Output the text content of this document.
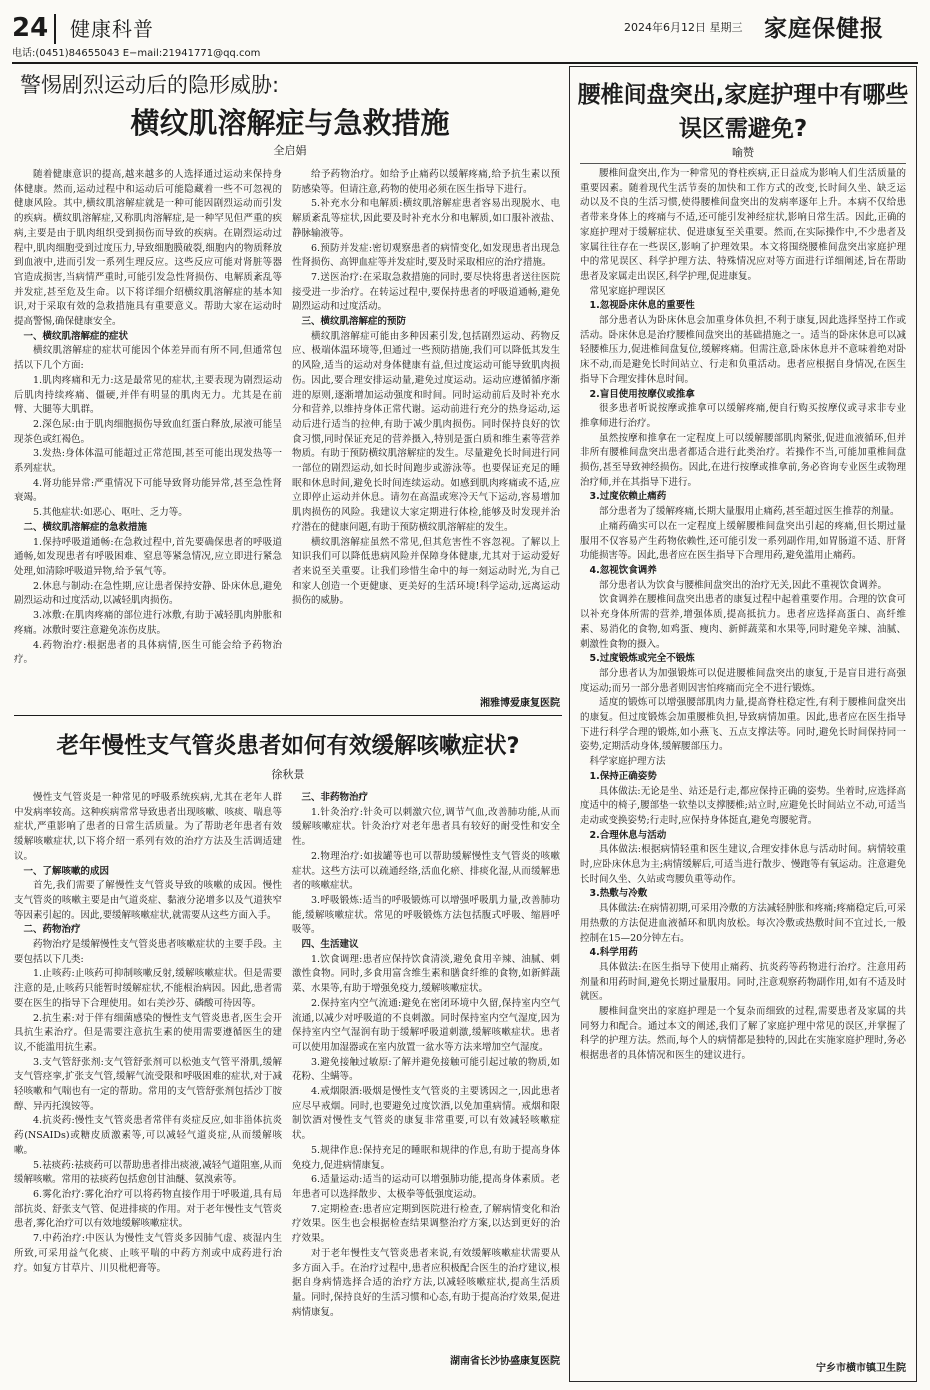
24 健康科普	2024年6月12日 星期三 家庭保健报
电话:(0451)84655043 E−mail:21941771@qq.com
警惕剧烈运动后的隐形威胁:
横纹肌溶解症与急救措施
全启娟

随着健康意识的提高,越来越多的人选择通过运动来保持身体健康。然而,运动过程中和运动后可能隐藏着一些不可忽视的健康风险。其中,横纹肌溶解症就是一种可能因剧烈运动而引发的疾病。横纹肌溶解症,又称肌肉溶解症,是一种罕见但严重的疾病,主要是由于肌肉组织受到损伤而导致的疾病。在剧烈运动过程中,肌肉细胞受到过度压力,导致细胞膜破裂,细胞内的物质释放到血液中,进而引发一系列生理反应。这些反应可能对肾脏等器官造成损害,当病情严重时,可能引发急性肾损伤、电解质紊乱等并发症,甚至危及生命。以下将详细介绍横纹肌溶解症的基本知识,对于采取有效的急救措施具有重要意义。帮助大家在运动时提高警惕,确保健康安全。

一、横纹肌溶解症的症状

横纹肌溶解症的症状可能因个体差异而有所不同,但通常包括以下几个方面:

1.肌肉疼痛和无力:这是最常见的症状,主要表现为剧烈运动后肌肉持续疼痛、僵硬,并伴有明显的肌肉无力。尤其是在前臂、大腿等大肌群。

2.深色尿:由于肌肉细胞损伤导致血红蛋白释放,尿液可能呈现茶色或红褐色。

3.发热:身体体温可能超过正常范围,甚至可能出现发热等一系列症状。

4.肾功能异常:严重情况下可能导致肾功能异常,甚至急性肾衰竭。

5.其他症状:如恶心、呕吐、乏力等。

二、横纹肌溶解症的急救措施

1.保持呼吸道通畅:在急救过程中,首先要确保患者的呼吸道通畅,如发现患者有呼吸困难、窒息等紧急情况,应立即进行紧急处理,如清除呼吸道异物,给予氧气等。

2.休息与制动:在急性期,应让患者保持安静、卧床休息,避免剧烈运动和过度活动,以减轻肌肉损伤。

3.冰敷:在肌肉疼痛的部位进行冰敷,有助于减轻肌肉肿胀和疼痛。冰敷时要注意避免冻伤皮肤。

4.药物治疗:根据患者的具体病情,医生可能会给予药物治疗。

给予药物治疗。如给予止痛药以缓解疼痛,给予抗生素以预防感染等。但请注意,药物的使用必须在医生指导下进行。

5.补充水分和电解质:横纹肌溶解症患者容易出现脱水、电解质紊乱等症状,因此要及时补充水分和电解质,如口服补液盐、静脉输液等。

6.预防并发症:密切观察患者的病情变化,如发现患者出现急性肾损伤、高钾血症等并发症时,要及时采取相应的治疗措施。

7.送医治疗:在采取急救措施的同时,要尽快将患者送往医院接受进一步治疗。在转运过程中,要保持患者的呼吸道通畅,避免剧烈运动和过度活动。

三、横纹肌溶解症的预防

横纹肌溶解症可能由多种因素引发,包括剧烈运动、药物反应、极端体温环境等,但通过一些预防措施,我们可以降低其发生的风险,适当的运动对身体健康有益,但过度运动可能导致肌肉损伤。因此,要合理安排运动量,避免过度运动。运动应遵循循序渐进的原则,逐渐增加运动强度和时间。同时运动前后及时补充水分和营养,以维持身体正常代谢。运动前进行充分的热身运动,运动后进行适当的拉伸,有助于减少肌肉损伤。同时保持良好的饮食习惯,同时保证充足的营养摄入,特别是蛋白质和维生素等营养物质。有助于预防横纹肌溶解症的发生。尽量避免长时间进行同一部位的剧烈运动,如长时间跑步或游泳等。也要保证充足的睡眠和休息时间,避免长时间连续运动。如感到肌肉疼痛或不适,应立即停止运动并休息。请勿在高温或寒冷天气下运动,容易增加肌肉损伤的风险。我建议大家定期进行体检,能够及时发现并治疗潜在的健康问题,有助于预防横纹肌溶解症的发生。

横纹肌溶解症虽然不常见,但其危害性不容忽视。了解以上知识我们可以降低患病风险并保障身体健康,尤其对于运动爱好者来说至关重要。让我们珍惜生命中的每一刻运动时光,为自己和家人创造一个更健康、更美好的生活环境!科学运动,远离运动损伤的威胁。

湘雅博爱康复医院
老年慢性支气管炎患者如何有效缓解咳嗽症状?
徐秋景

慢性支气管炎是一种常见的呼吸系统疾病,尤其在老年人群中发病率较高。这种疾病常常导致患者出现咳嗽、咳痰、喘息等症状,严重影响了患者的日常生活质量。为了帮助老年患者有效缓解咳嗽症状,以下将介绍一系列有效的治疗方法及生活调适建议。

一、了解咳嗽的成因

首先,我们需要了解慢性支气管炎导致的咳嗽的成因。慢性支气管炎的咳嗽主要是由气道炎症、黏液分泌增多以及气道狭窄等因素引起的。因此,要缓解咳嗽症状,就需要从这些方面入手。

二、药物治疗

药物治疗是缓解慢性支气管炎患者咳嗽症状的主要手段。主要包括以下几类:

1.止咳药:止咳药可抑制咳嗽反射,缓解咳嗽症状。但是需要注意的是,止咳药只能暂时缓解症状,不能根治病因。因此,患者需要在医生的指导下合理使用。如右美沙芬、磷酸可待因等。

2.抗生素:对于伴有细菌感染的慢性支气管炎患者,医生会开具抗生素治疗。但是需要注意抗生素的使用需要遵循医生的建议,不能滥用抗生素。

3.支气管舒张剂:支气管舒张剂可以松弛支气管平滑肌,缓解支气管痉挛,扩张支气管,缓解气流受限和呼吸困难的症状,对于减轻咳嗽和气喘也有一定的帮助。常用的支气管舒张剂包括沙丁胺醇、异丙托溴铵等。

4.抗炎药:慢性支气管炎患者常伴有炎症反应,如非甾体抗炎药(NSAIDs)或糖皮质激素等,可以减轻气道炎症,从而缓解咳嗽。

5.祛痰药:祛痰药可以帮助患者排出痰液,减轻气道阻塞,从而缓解咳嗽。常用的祛痰药包括愈创甘油醚、氨溴索等。

6.雾化治疗:雾化治疗可以将药物直接作用于呼吸道,具有局部抗炎、舒张支气管、促进排痰的作用。对于老年慢性支气管炎患者,雾化治疗可以有效地缓解咳嗽症状。

7.中药治疗:中医认为慢性支气管炎多因肺气虚、痰湿内生所致,可采用益气化痰、止咳平喘的中药方剂或中成药进行治疗。如复方甘草片、川贝枇杷膏等。

三、非药物治疗

1.针灸治疗:针灸可以刺激穴位,调节气血,改善肺功能,从而缓解咳嗽症状。针灸治疗对老年患者具有较好的耐受性和安全性。

2.物理治疗:如拔罐等也可以帮助缓解慢性支气管炎的咳嗽症状。这些方法可以疏通经络,活血化瘀、排痰化湿,从而缓解患者的咳嗽症状。

3.呼吸锻炼:适当的呼吸锻炼可以增强呼吸肌力量,改善肺功能,缓解咳嗽症状。常见的呼吸锻炼方法包括腹式呼吸、缩唇呼吸等。

四、生活建议

1.饮食调理:患者应保持饮食清淡,避免食用辛辣、油腻、刺激性食物。同时,多食用富含维生素和膳食纤维的食物,如新鲜蔬菜、水果等,有助于增强免疫力,缓解咳嗽症状。

2.保持室内空气流通:避免在密闭环境中久留,保持室内空气流通,以减少对呼吸道的不良刺激。同时保持室内空气湿度,因为保持室内空气湿润有助于缓解呼吸道刺激,缓解咳嗽症状。患者可以使用加湿器或在室内放置一盆水等方法来增加空气湿度。

3.避免接触过敏原:了解并避免接触可能引起过敏的物质,如花粉、尘螨等。

4.戒烟限酒:吸烟是慢性支气管炎的主要诱因之一,因此患者应尽早戒烟。同时,也要避免过度饮酒,以免加重病情。戒烟和限制饮酒对慢性支气管炎的康复非常重要,可以有效减轻咳嗽症状。

5.规律作息:保持充足的睡眠和规律的作息,有助于提高身体免疫力,促进病情康复。

6.适量运动:适当的运动可以增强肺功能,提高身体素质。老年患者可以选择散步、太极拳等低强度运动。

7.定期检查:患者应定期到医院进行检查,了解病情变化和治疗效果。医生也会根据检查结果调整治疗方案,以达到更好的治疗效果。

对于老年慢性支气管炎患者来说,有效缓解咳嗽症状需要从多方面入手。在治疗过程中,患者应积极配合医生的治疗建议,根据自身病情选择合适的治疗方法,以减轻咳嗽症状,提高生活质量。同时,保持良好的生活习惯和心态,有助于提高治疗效果,促进病情康复。

湖南省长沙协盛康复医院
腰椎间盘突出,家庭护理中有哪些误区需避免?
喻赞

腰椎间盘突出,作为一种常见的脊柱疾病,正日益成为影响人们生活质量的重要因素。随着现代生活节奏的加快和工作方式的改变,长时间久坐、缺乏运动以及不良的生活习惯,使得腰椎间盘突出的发病率逐年上升。本病不仅给患者带来身体上的疼痛与不适,还可能引发神经症状,影响日常生活。因此,正确的家庭护理对于缓解症状、促进康复至关重要。然而,在实际操作中,不少患者及家属往往存在一些误区,影响了护理效果。本文将围绕腰椎间盘突出家庭护理中的常见误区、科学护理方法、特殊情况应对等方面进行详细阐述,旨在帮助患者及家属走出误区,科学护理,促进康复。

常见家庭护理误区

1.忽视卧床休息的重要性

部分患者认为卧床休息会加重身体负担,不利于康复,因此选择坚持工作或活动。卧床休息是治疗腰椎间盘突出的基础措施之一。适当的卧床休息可以减轻腰椎压力,促进椎间盘复位,缓解疼痛。但需注意,卧床休息并不意味着绝对卧床不动,而是避免长时间站立、行走和负重活动。患者应根据自身情况,在医生指导下合理安排休息时间。

2.盲目使用按摩仪或推拿

很多患者听说按摩或推拿可以缓解疼痛,便自行购买按摩仪或寻求非专业推拿师进行治疗。

虽然按摩和推拿在一定程度上可以缓解腰部肌肉紧张,促进血液循环,但并非所有腰椎间盘突出患者都适合进行此类治疗。若操作不当,可能加重椎间盘损伤,甚至导致神经损伤。因此,在进行按摩或推拿前,务必咨询专业医生或物理治疗师,并在其指导下进行。

3.过度依赖止痛药

部分患者为了缓解疼痛,长期大量服用止痛药,甚至超过医生推荐的剂量。

止痛药确实可以在一定程度上缓解腰椎间盘突出引起的疼痛,但长期过量服用不仅容易产生药物依赖性,还可能引发一系列副作用,如胃肠道不适、肝肾功能损害等。因此,患者应在医生指导下合理用药,避免滥用止痛药。

4.忽视饮食调养

部分患者认为饮食与腰椎间盘突出的治疗无关,因此不重视饮食调养。

饮食调养在腰椎间盘突出患者的康复过程中起着重要作用。合理的饮食可以补充身体所需的营养,增强体质,提高抵抗力。患者应选择高蛋白、高纤维素、易消化的食物,如鸡蛋、瘦肉、新鲜蔬菜和水果等,同时避免辛辣、油腻、刺激性食物的摄入。

5.过度锻炼或完全不锻炼

部分患者认为加强锻炼可以促进腰椎间盘突出的康复,于是盲目进行高强度运动;而另一部分患者则因害怕疼痛而完全不进行锻炼。

适度的锻炼可以增强腰部肌肉力量,提高脊柱稳定性,有利于腰椎间盘突出的康复。但过度锻炼会加重腰椎负担,导致病情加重。因此,患者应在医生指导下进行科学合理的锻炼,如小燕飞、五点支撑法等。同时,避免长时间保持同一姿势,定期活动身体,缓解腰部压力。

科学家庭护理方法

1.保持正确姿势

具体做法:无论是坐、站还是行走,都应保持正确的姿势。坐着时,应选择高度适中的椅子,腰部垫一软垫以支撑腰椎;站立时,应避免长时间站立不动,可适当走动或变换姿势;行走时,应保持身体挺直,避免弯腰驼背。

2.合理休息与活动

具体做法:根据病情轻重和医生建议,合理安排休息与活动时间。病情较重时,应卧床休息为主;病情缓解后,可适当进行散步、慢跑等有氧运动。注意避免长时间久坐、久站或弯腰负重等动作。

3.热敷与冷敷

具体做法:在病情初期,可采用冷敷的方法减轻肿胀和疼痛;疼痛稳定后,可采用热敷的方法促进血液循环和肌肉放松。每次冷敷或热敷时间不宜过长,一般控制在15—20分钟左右。

4.科学用药

具体做法:在医生指导下使用止痛药、抗炎药等药物进行治疗。注意用药剂量和用药时间,避免长期过量服用。同时,注意观察药物副作用,如有不适及时就医。

腰椎间盘突出的家庭护理是一个复杂而细致的过程,需要患者及家属的共同努力和配合。通过本文的阐述,我们了解了家庭护理中常见的误区,并掌握了科学的护理方法。然而,每个人的病情都是独特的,因此在实施家庭护理时,务必根据患者的具体情况和医生的建议进行。

宁乡市横市镇卫生院
